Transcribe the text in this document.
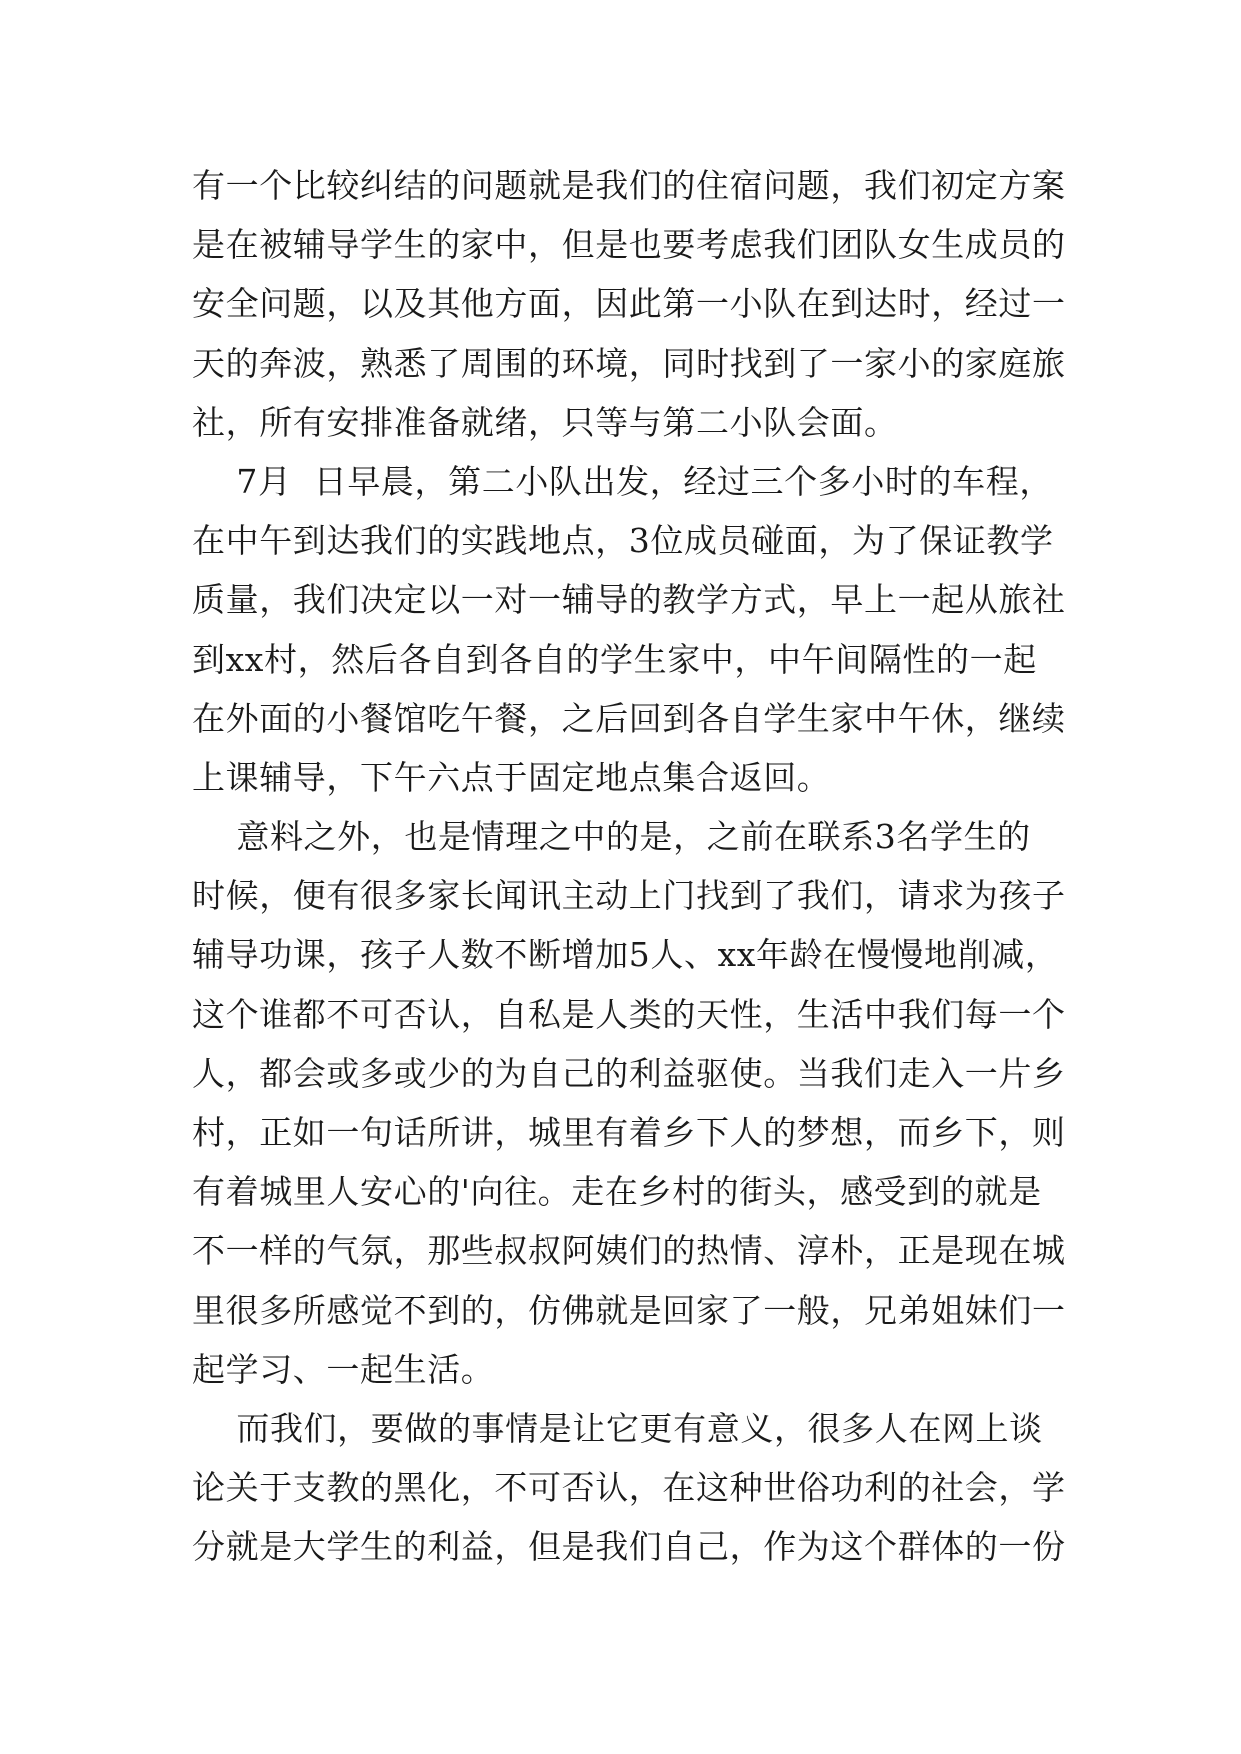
有一个比较纠结的问题就是我们的住宿问题，我们初定方案
是在被辅导学生的家中，但是也要考虑我们团队女生成员的
安全问题，以及其他方面，因此第一小队在到达时，经过一
天的奔波，熟悉了周围的环境，同时找到了一家小的家庭旅
社，所有安排准备就绪，只等与第二小队会面。
7月  日早晨，第二小队出发，经过三个多小时的车程，
在中午到达我们的实践地点，3位成员碰面，为了保证教学
质量，我们决定以一对一辅导的教学方式，早上一起从旅社
到xx村，然后各自到各自的学生家中，中午间隔性的一起
在外面的小餐馆吃午餐，之后回到各自学生家中午休，继续
上课辅导，下午六点于固定地点集合返回。
意料之外，也是情理之中的是，之前在联系3名学生的
时候，便有很多家长闻讯主动上门找到了我们，请求为孩子
辅导功课，孩子人数不断增加5人、xx年龄在慢慢地削减，
这个谁都不可否认，自私是人类的天性，生活中我们每一个
人，都会或多或少的为自己的利益驱使。当我们走入一片乡
村，正如一句话所讲，城里有着乡下人的梦想，而乡下，则
有着城里人安心的'向往。走在乡村的街头，感受到的就是
不一样的气氛，那些叔叔阿姨们的热情、淳朴，正是现在城
里很多所感觉不到的，仿佛就是回家了一般，兄弟姐妹们一
起学习、一起生活。
而我们，要做的事情是让它更有意义，很多人在网上谈
论关于支教的黑化，不可否认，在这种世俗功利的社会，学
分就是大学生的利益，但是我们自己，作为这个群体的一份
